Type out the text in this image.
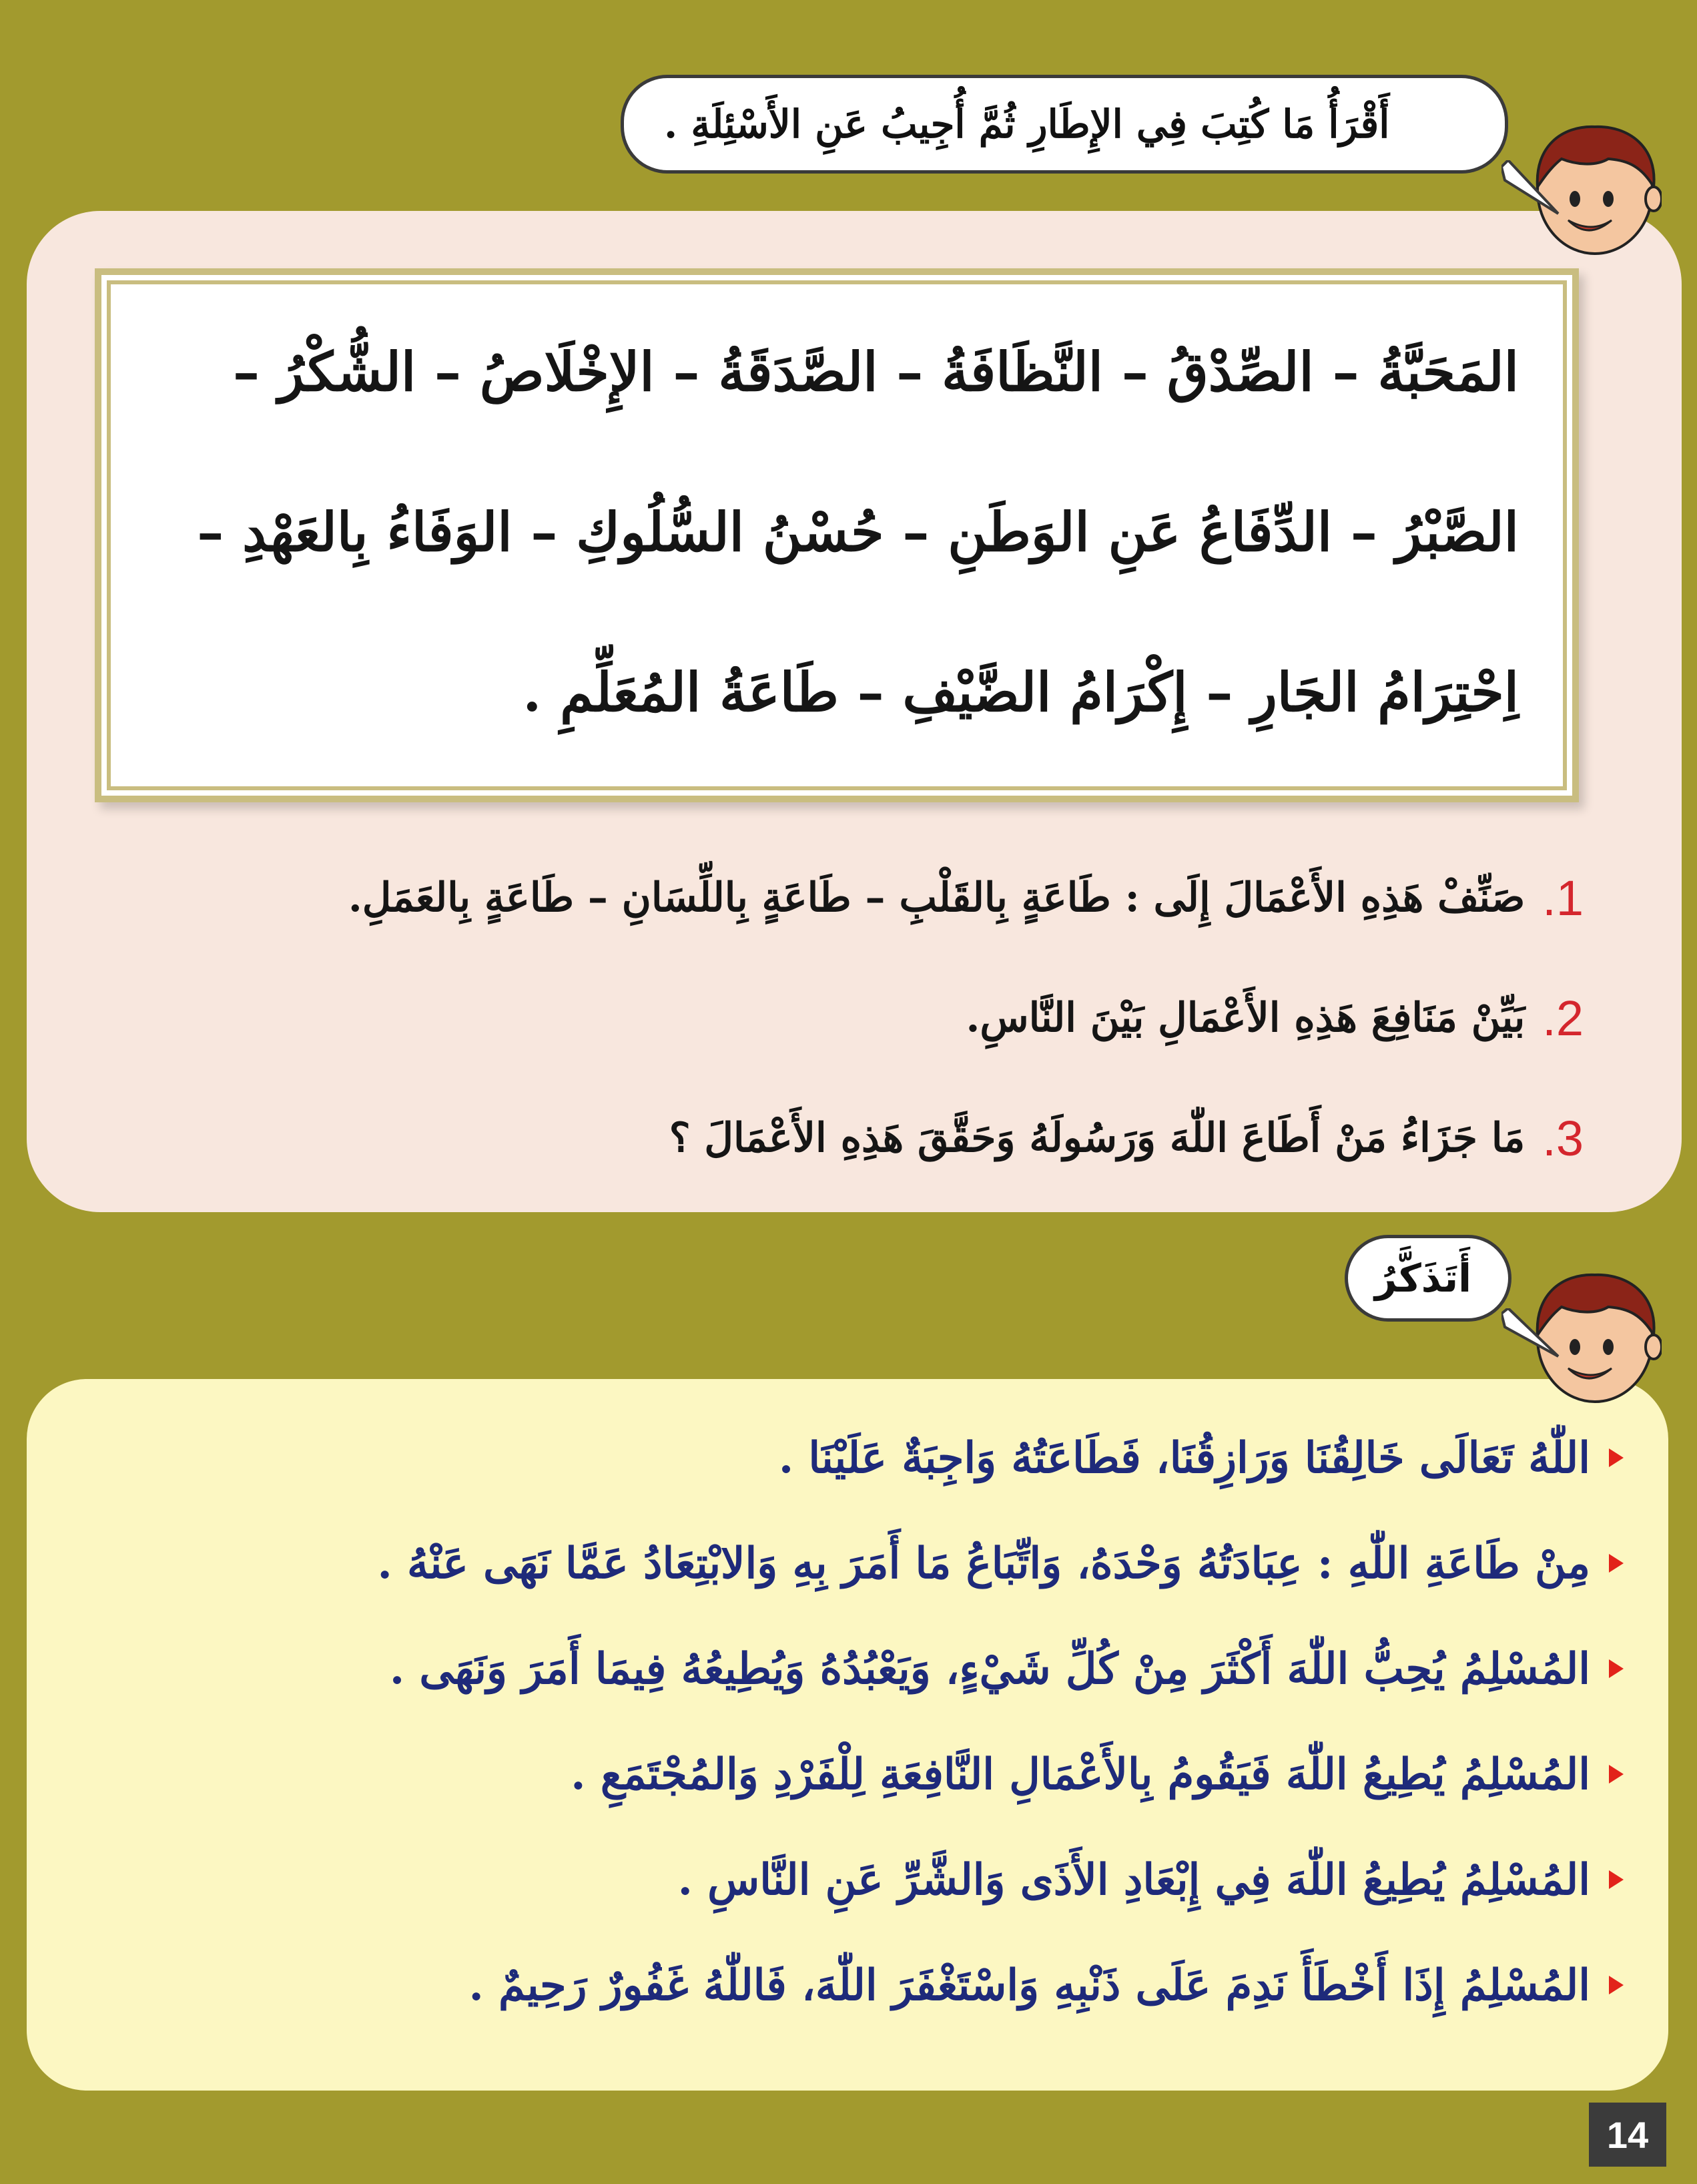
أَقْرَأُ مَا كُتِبَ فِي الإِطَارِ ثُمَّ أُجِيبُ عَنِ الأَسْئِلَةِ .
المَحَبَّةُ – الصِّدْقُ – النَّظَافَةُ – الصَّدَقَةُ – الإِخْلَاصُ – الشُّكْرُ –
الصَّبْرُ – الدِّفَاعُ عَنِ الوَطَنِ – حُسْنُ السُّلُوكِ – الوَفَاءُ بِالعَهْدِ –
اِحْتِرَامُ الجَارِ – إِكْرَامُ الضَّيْفِ – طَاعَةُ المُعَلِّمِ .
1.
صَنِّفْ هَذِهِ الأَعْمَالَ إِلَى : طَاعَةٍ بِالقَلْبِ – طَاعَةٍ بِاللِّسَانِ – طَاعَةٍ بِالعَمَلِ.
2.
بَيِّنْ مَنَافِعَ هَذِهِ الأَعْمَالِ بَيْنَ النَّاسِ.
3.
مَا جَزَاءُ مَنْ أَطَاعَ اللّٰهَ وَرَسُولَهُ وَحَقَّقَ هَذِهِ الأَعْمَالَ ؟
أَتَذَكَّرُ
اللّٰهُ تَعَالَى خَالِقُنَا وَرَازِقُنَا، فَطَاعَتُهُ وَاجِبَةٌ عَلَيْنَا .
مِنْ طَاعَةِ اللّٰهِ : عِبَادَتُهُ وَحْدَهُ، وَاتِّبَاعُ مَا أَمَرَ بِهِ وَالابْتِعَادُ عَمَّا نَهَى عَنْهُ .
المُسْلِمُ يُحِبُّ اللّٰهَ أَكْثَرَ مِنْ كُلِّ شَيْءٍ، وَيَعْبُدُهُ وَيُطِيعُهُ فِيمَا أَمَرَ وَنَهَى .
المُسْلِمُ يُطِيعُ اللّٰهَ فَيَقُومُ بِالأَعْمَالِ النَّافِعَةِ لِلْفَرْدِ وَالمُجْتَمَعِ .
المُسْلِمُ يُطِيعُ اللّٰهَ فِي إِبْعَادِ الأَذَى وَالشَّرِّ عَنِ النَّاسِ .
المُسْلِمُ إِذَا أَخْطَأَ نَدِمَ عَلَى ذَنْبِهِ وَاسْتَغْفَرَ اللّٰهَ، فَاللّٰهُ غَفُورٌ رَحِيمٌ .
14
